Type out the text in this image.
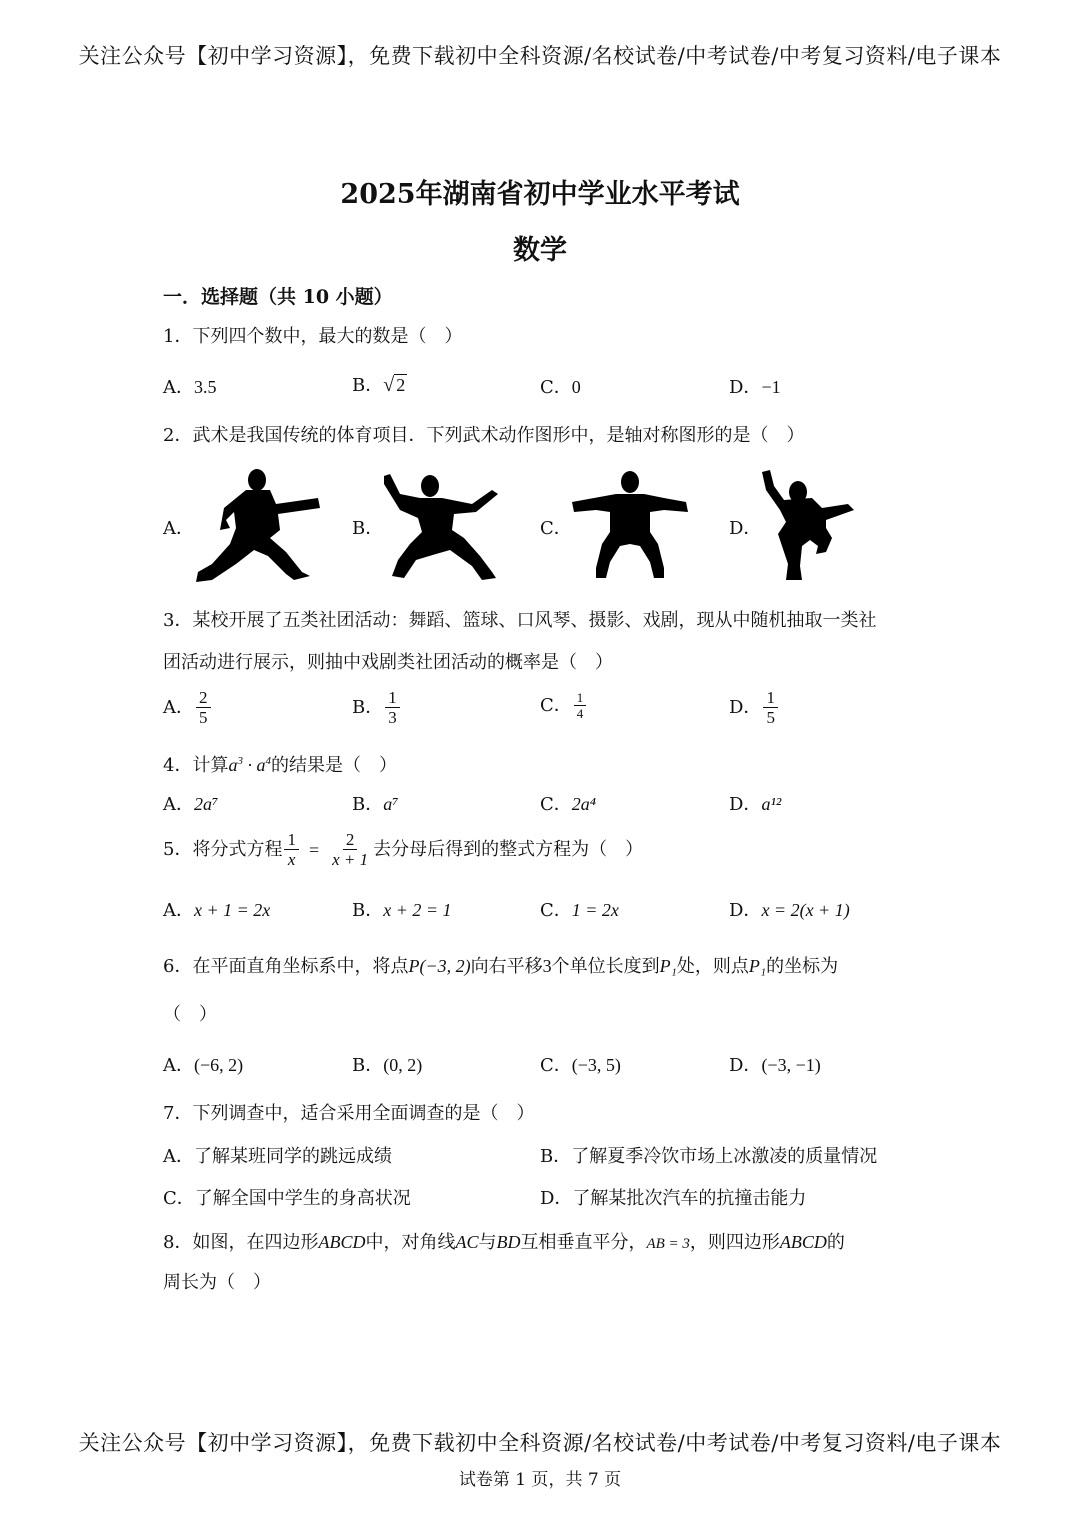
关注公众号【初中学习资源】，免费下载初中全科资源/名校试卷/中考试卷/中考复习资料/电子课本
2025年湖南省初中学业水平考试
数学
一．选择题（共 10 小题）
1．下列四个数中，最大的数是（　）
A．3.5	B．√ 2	C．0	D．−1
2．武术是我国传统的体育项目．下列武术动作图形中，是轴对称图形的是（　）
A．	B．	C．	D．
3．某校开展了五类社团活动：舞蹈、篮球、口风琴、摄影、戏剧，现从中随机抽取一类社
团活动进行展示，则抽中戏剧类社团活动的概率是（　）
A． $\frac{2}{5}$	B． $\frac{1}{3}$	C． $\frac{1}{4}$	D． $\frac{1}{5}$
4．计算$a^3 \cdot a^4$的结果是（　）
A．2a⁷	B．a⁷	C．2a⁴	D．a¹²
5．将分式方程 $\frac{1}{x} = \frac{2}{x + 1}$ 去分母后得到的整式方程为（　）
A．x + 1 = 2x	B．x + 2 = 1	C．1 = 2x	D．x = 2(x + 1)
6．在平面直角坐标系中，将点P(−3, 2)向右平移3个单位长度到P₁处，则点P₁的坐标为
（　）
A．(−6, 2)	B．(0, 2)	C．(−3, 5)	D．(−3, −1)
7．下列调查中，适合采用全面调查的是（　）
A．了解某班同学的跳远成绩	B．了解夏季冷饮市场上冰激凌的质量情况
C．了解全国中学生的身高状况	D．了解某批次汽车的抗撞击能力
8．如图，在四边形ABCD中，对角线AC与BD互相垂直平分，AB = 3，则四边形ABCD的
周长为（　）
关注公众号【初中学习资源】，免费下载初中全科资源/名校试卷/中考试卷/中考复习资料/电子课本
试卷第 1 页，共 7 页
